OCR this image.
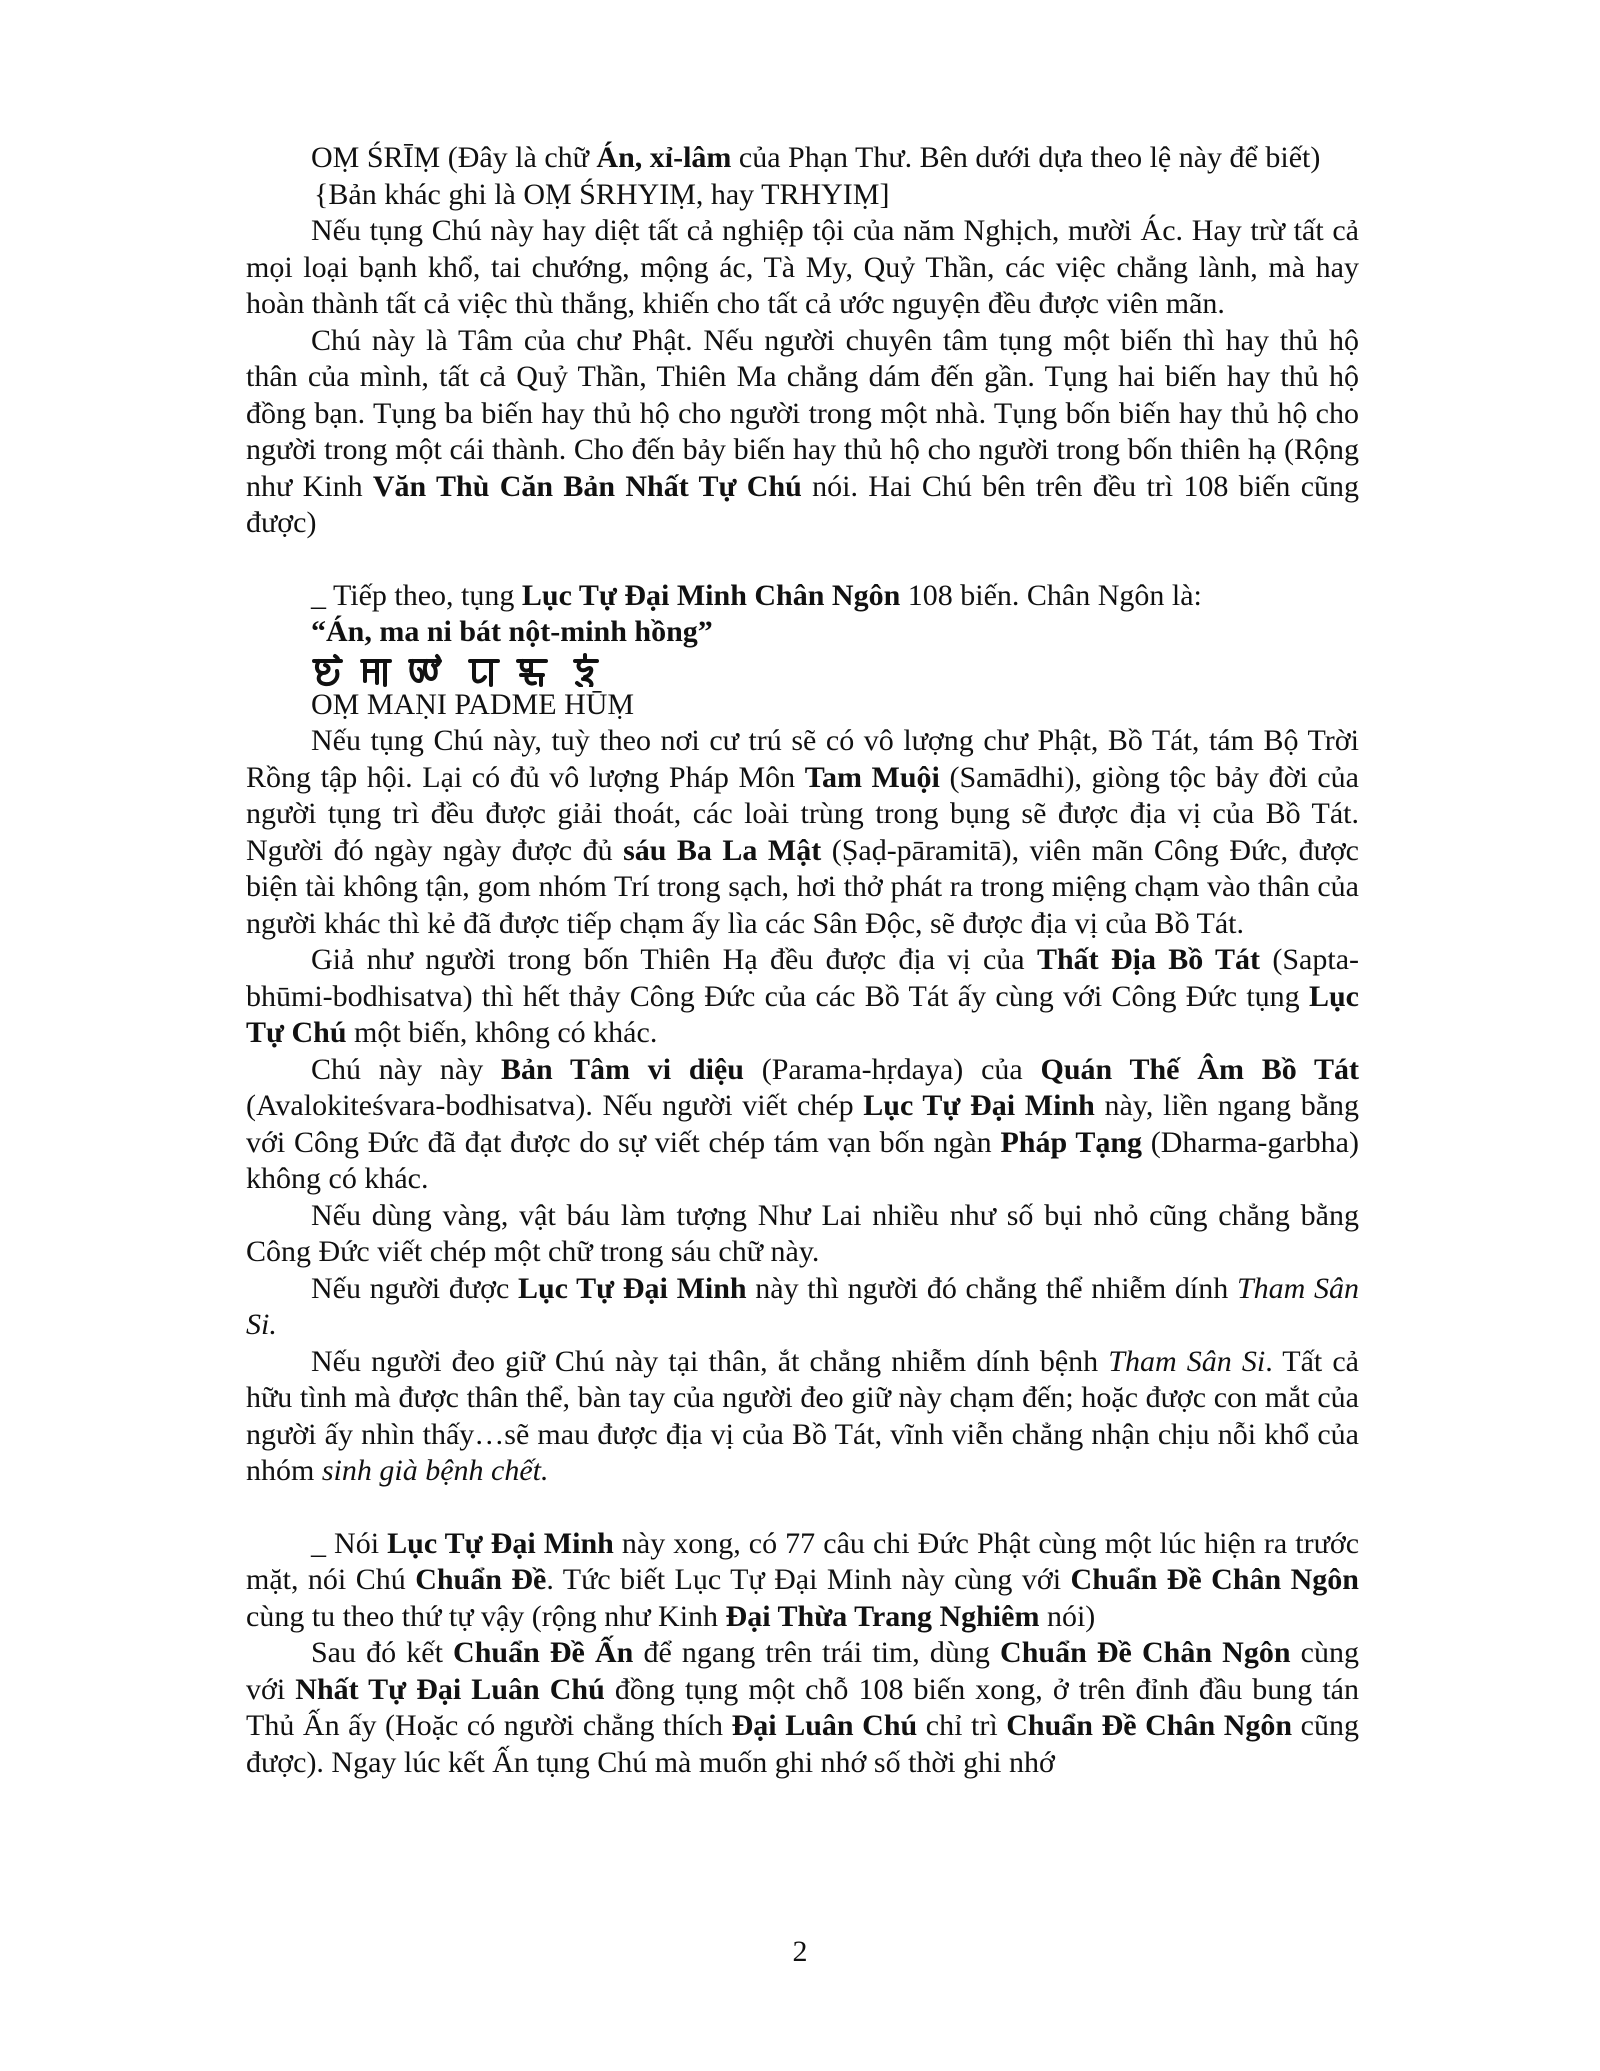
OṂ ŚRĪṂ (Đây là chữ Án, xỉ-lâm của Phạn Thư. Bên dưới dựa theo lệ này để biết)

{Bản khác ghi là OṂ ŚRHYIṂ, hay TRHYIṂ]

Nếu tụng Chú này hay diệt tất cả nghiệp tội của năm Nghịch, mười Ác. Hay trừ tất cả mọi loại bạnh khổ, tai chướng, mộng ác, Tà My, Quỷ Thần, các việc chẳng lành, mà hay hoàn thành tất cả việc thù thắng, khiến cho tất cả ước nguyện đều được viên mãn.

Chú này là Tâm của chư Phật. Nếu người chuyên tâm tụng một biến thì hay thủ hộ thân của mình, tất cả Quỷ Thần, Thiên Ma chẳng dám đến gần. Tụng hai biến hay thủ hộ đồng bạn. Tụng ba biến hay thủ hộ cho người trong một nhà. Tụng bốn biến hay thủ hộ cho người trong một cái thành. Cho đến bảy biến hay thủ hộ cho người trong bốn thiên hạ (Rộng như Kinh Văn Thù Căn Bản Nhất Tự Chú nói. Hai Chú bên trên đều trì 108 biến cũng được)

_ Tiếp theo, tụng Lục Tự Đại Minh Chân Ngôn 108 biến. Chân Ngôn là:

“Án, ma ni bát nột-minh hồng”

OṂ MAṆI PADME HŪṂ

Nếu tụng Chú này, tuỳ theo nơi cư trú sẽ có vô lượng chư Phật, Bồ Tát, tám Bộ Trời Rồng tập hội. Lại có đủ vô lượng Pháp Môn Tam Muội (Samādhi), giòng tộc bảy đời của người tụng trì đều được giải thoát, các loài trùng trong bụng sẽ được địa vị của Bồ Tát. Người đó ngày ngày được đủ sáu Ba La Mật (Ṣaḍ-pāramitā), viên mãn Công Đức, được biện tài không tận, gom nhóm Trí trong sạch, hơi thở phát ra trong miệng chạm vào thân của người khác thì kẻ đã được tiếp chạm ấy lìa các Sân Độc, sẽ được địa vị của Bồ Tát.

Giả như người trong bốn Thiên Hạ đều được địa vị của Thất Địa Bồ Tát (Sapta-bhūmi-bodhisatva) thì hết thảy Công Đức của các Bồ Tát ấy cùng với Công Đức tụng Lục Tự Chú một biến, không có khác.

Chú này này Bản Tâm vi diệu (Parama-hṛdaya) của Quán Thế Âm Bồ Tát (Avalokiteśvara-bodhisatva). Nếu người viết chép Lục Tự Đại Minh này, liền ngang bằng với Công Đức đã đạt được do sự viết chép tám vạn bốn ngàn Pháp Tạng (Dharma-garbha) không có khác.

Nếu dùng vàng, vật báu làm tượng Như Lai nhiều như số bụi nhỏ cũng chẳng bằng Công Đức viết chép một chữ trong sáu chữ này.

Nếu người được Lục Tự Đại Minh này thì người đó chẳng thể nhiễm dính Tham Sân Si.

Nếu người đeo giữ Chú này tại thân, ắt chẳng nhiễm dính bệnh Tham Sân Si. Tất cả hữu tình mà được thân thể, bàn tay của người đeo giữ này chạm đến; hoặc được con mắt của người ấy nhìn thấy…sẽ mau được địa vị của Bồ Tát, vĩnh viễn chẳng nhận chịu nỗi khổ của nhóm sinh già bệnh chết.

_ Nói Lục Tự Đại Minh này xong, có 77 câu chi Đức Phật cùng một lúc hiện ra trước mặt, nói Chú Chuẩn Đề. Tức biết Lục Tự Đại Minh này cùng với Chuẩn Đề Chân Ngôn cùng tu theo thứ tự vậy (rộng như Kinh Đại Thừa Trang Nghiêm nói)

Sau đó kết Chuẩn Đề Ấn để ngang trên trái tim, dùng Chuẩn Đề Chân Ngôn cùng với Nhất Tự Đại Luân Chú đồng tụng một chỗ 108 biến xong, ở trên đỉnh đầu bung tán Thủ Ấn ấy (Hoặc có người chẳng thích Đại Luân Chú chỉ trì Chuẩn Đề Chân Ngôn cũng được). Ngay lúc kết Ấn tụng Chú mà muốn ghi nhớ số thời ghi nhớ

2
